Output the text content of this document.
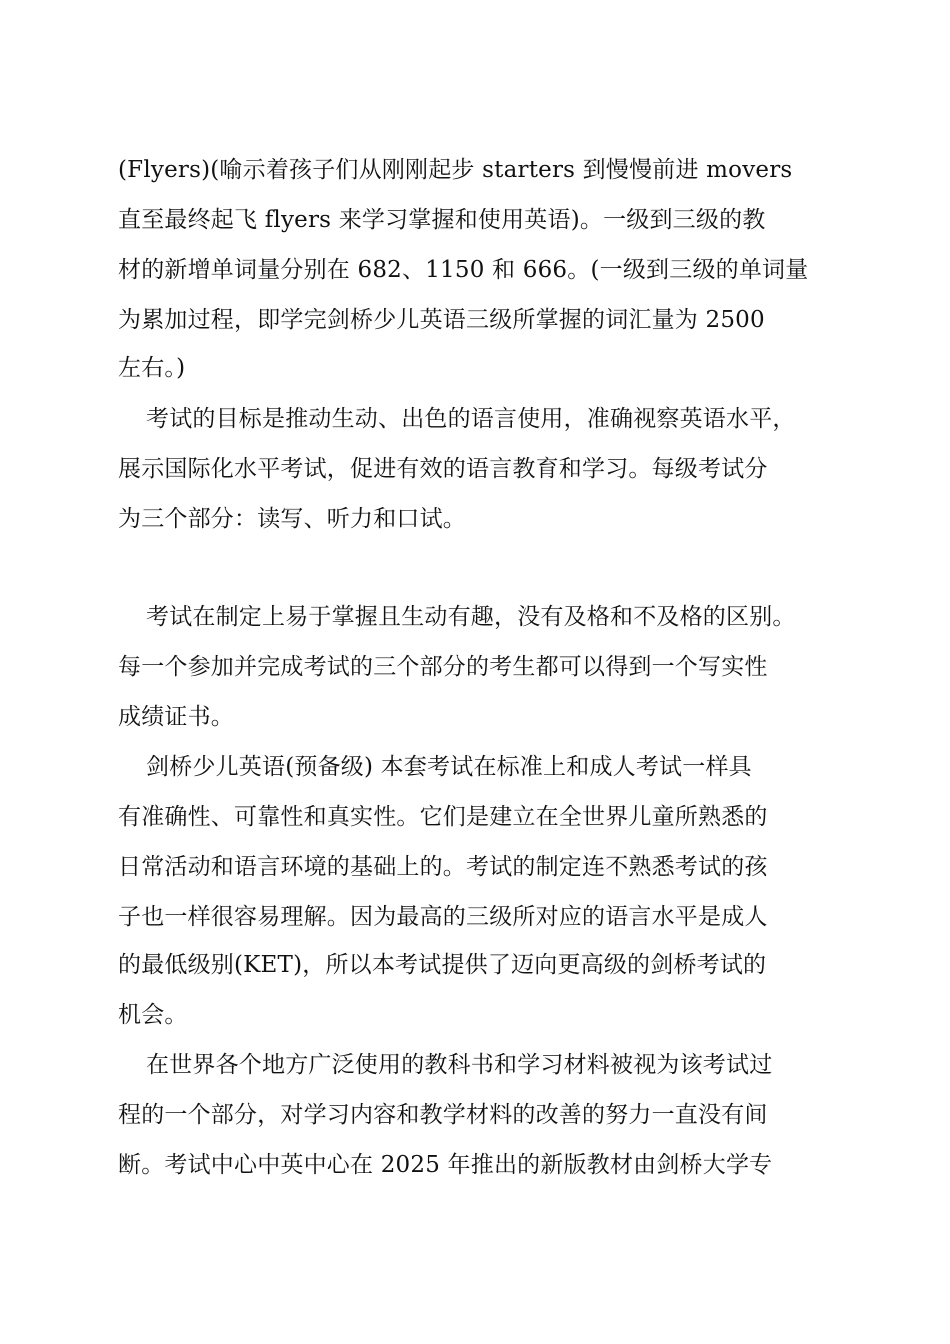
(Flyers)(喻示着孩子们从刚刚起步 starters 到慢慢前进 movers
直至最终起飞 flyers 来学习掌握和使用英语)。一级到三级的教
材的新增单词量分别在 682、1150 和 666。(一级到三级的单词量
为累加过程，即学完剑桥少儿英语三级所掌握的词汇量为 2500
左右。)
考试的目标是推动生动、出色的语言使用，准确视察英语水平，
展示国际化水平考试，促进有效的语言教育和学习。每级考试分
为三个部分：读写、听力和口试。
考试在制定上易于掌握且生动有趣，没有及格和不及格的区别。
每一个参加并完成考试的三个部分的考生都可以得到一个写实性
成绩证书。
剑桥少儿英语(预备级) 本套考试在标准上和成人考试一样具
有准确性、可靠性和真实性。它们是建立在全世界儿童所熟悉的
日常活动和语言环境的基础上的。考试的制定连不熟悉考试的孩
子也一样很容易理解。因为最高的三级所对应的语言水平是成人
的最低级别(KET)，所以本考试提供了迈向更高级的剑桥考试的
机会。
在世界各个地方广泛使用的教科书和学习材料被视为该考试过
程的一个部分，对学习内容和教学材料的改善的努力一直没有间
断。考试中心中英中心在 2025 年推出的新版教材由剑桥大学专
